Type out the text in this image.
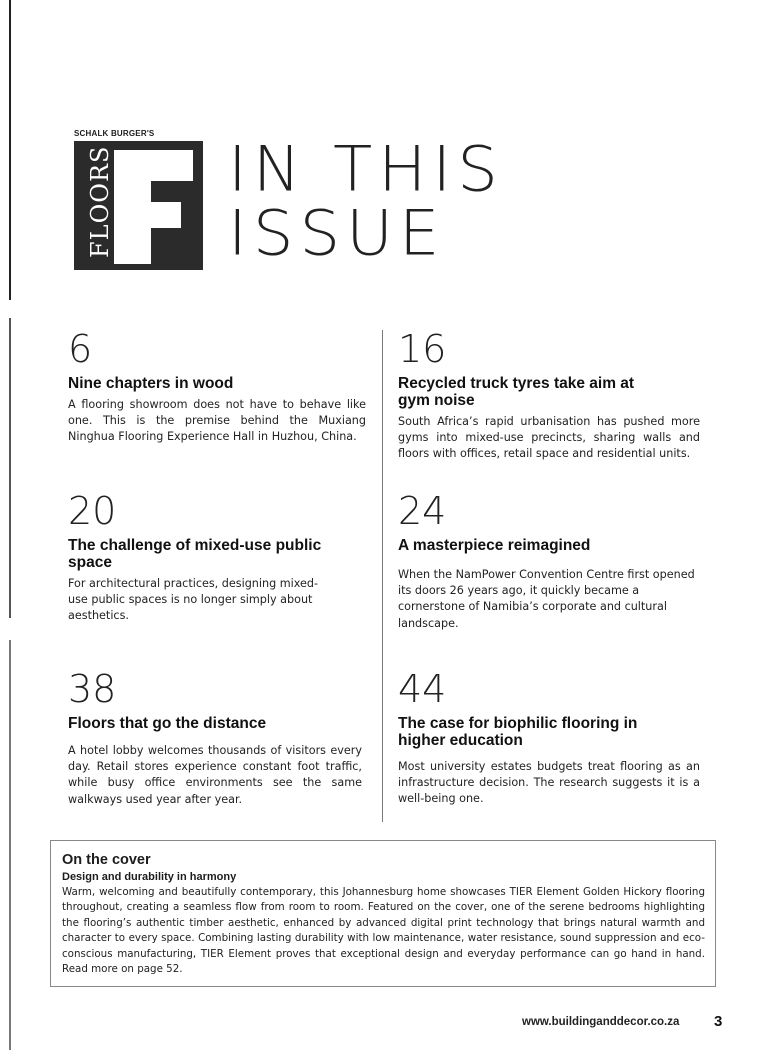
SCHALK BURGER'S
FLOORS IN THIS
ISSUE
6
Nine chapters in wood
A flooring showroom does not have to behave like one. This is the premise behind the Muxiang Ninghua Flooring Experience Hall in Huzhou, China.
16
Recycled truck tyres take aim at gym noise
South Africa’s rapid urbanisation has pushed more gyms into mixed-use precincts, sharing walls and floors with offices, retail space and residential units.
20
The challenge of mixed-use public space
For architectural practices, designing mixed-use public spaces is no longer simply about aesthetics.
24
A masterpiece reimagined
When the NamPower Convention Centre first opened its doors 26 years ago, it quickly became a cornerstone of Namibia’s corporate and cultural landscape.
38
Floors that go the distance
A hotel lobby welcomes thousands of visitors every day. Retail stores experience constant foot traffic, while busy office environments see the same walkways used year after year.
44
The case for biophilic flooring in higher education
Most university estates budgets treat flooring as an infrastructure decision. The research suggests it is a well-being one.
On the cover
Design and durability in harmony
Warm, welcoming and beautifully contemporary, this Johannesburg home showcases TIER Element Golden Hickory flooring throughout, creating a seamless flow from room to room. Featured on the cover, one of the serene bedrooms highlighting the flooring’s authentic timber aesthetic, enhanced by advanced digital print technology that brings natural warmth and character to every space. Combining lasting durability with low maintenance, water resistance, sound suppression and eco-conscious manufacturing, TIER Element proves that exceptional design and everyday performance can go hand in hand. Read more on page 52.
www.buildinganddecor.co.za 3
